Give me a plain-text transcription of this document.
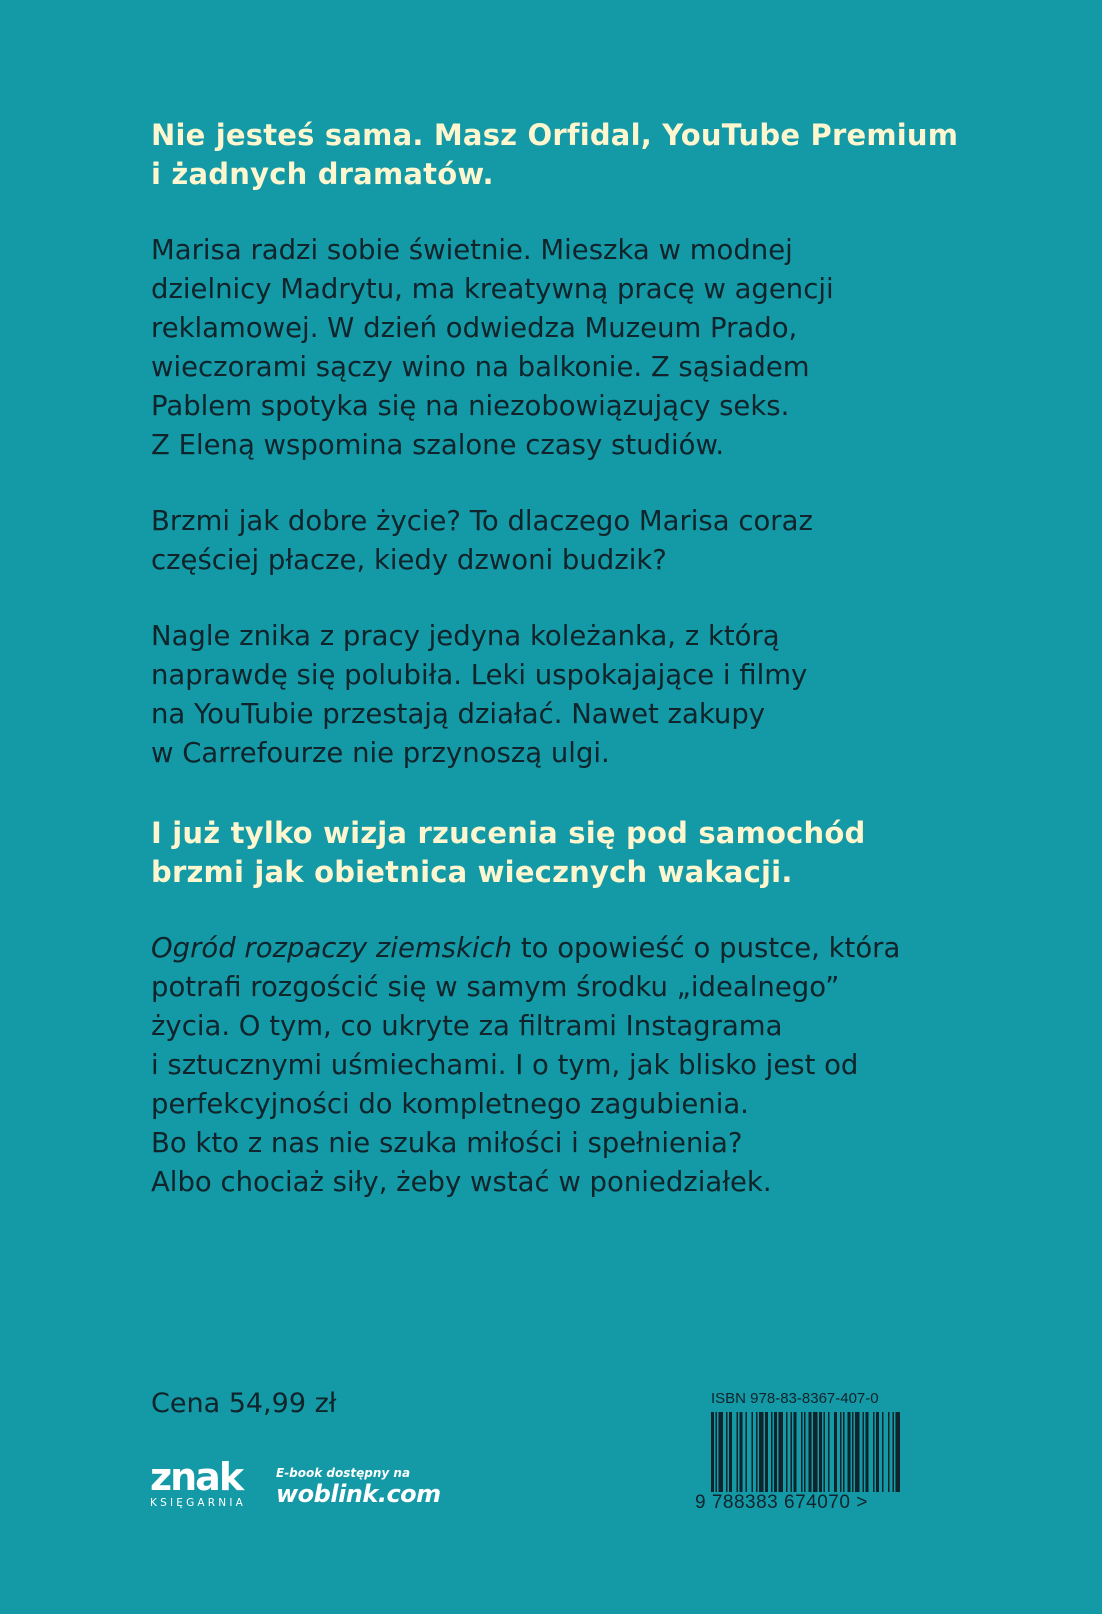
Nie jesteś sama. Masz Orfidal, YouTube Premium
i żadnych dramatów.

Marisa radzi sobie świetnie. Mieszka w modnej
dzielnicy Madrytu, ma kreatywną pracę w agencji
reklamowej. W dzień odwiedza Muzeum Prado,
wieczorami sączy wino na balkonie. Z sąsiadem
Pablem spotyka się na niezobowiązujący seks.
Z Eleną wspomina szalone czasy studiów.

Brzmi jak dobre życie? To dlaczego Marisa coraz
częściej płacze, kiedy dzwoni budzik?

Nagle znika z pracy jedyna koleżanka, z którą
naprawdę się polubiła. Leki uspokajające i filmy
na YouTubie przestają działać. Nawet zakupy
w Carrefourze nie przynoszą ulgi.

I już tylko wizja rzucenia się pod samochód
brzmi jak obietnica wiecznych wakacji.

Ogród rozpaczy ziemskich to opowieść o pustce, która
potrafi rozgościć się w samym środku „idealnego”
życia. O tym, co ukryte za filtrami Instagrama
i sztucznymi uśmiechami. I o tym, jak blisko jest od
perfekcyjności do kompletnego zagubienia.
Bo kto z nas nie szuka miłości i spełnienia?
Albo chociaż siły, żeby wstać w poniedziałek.

Cena 54,99 zł
znak
KSIĘGARNIA
E-book dostępny na
woblink.com
ISBN 978-83-8367-407-0
9 788383 674070 >
